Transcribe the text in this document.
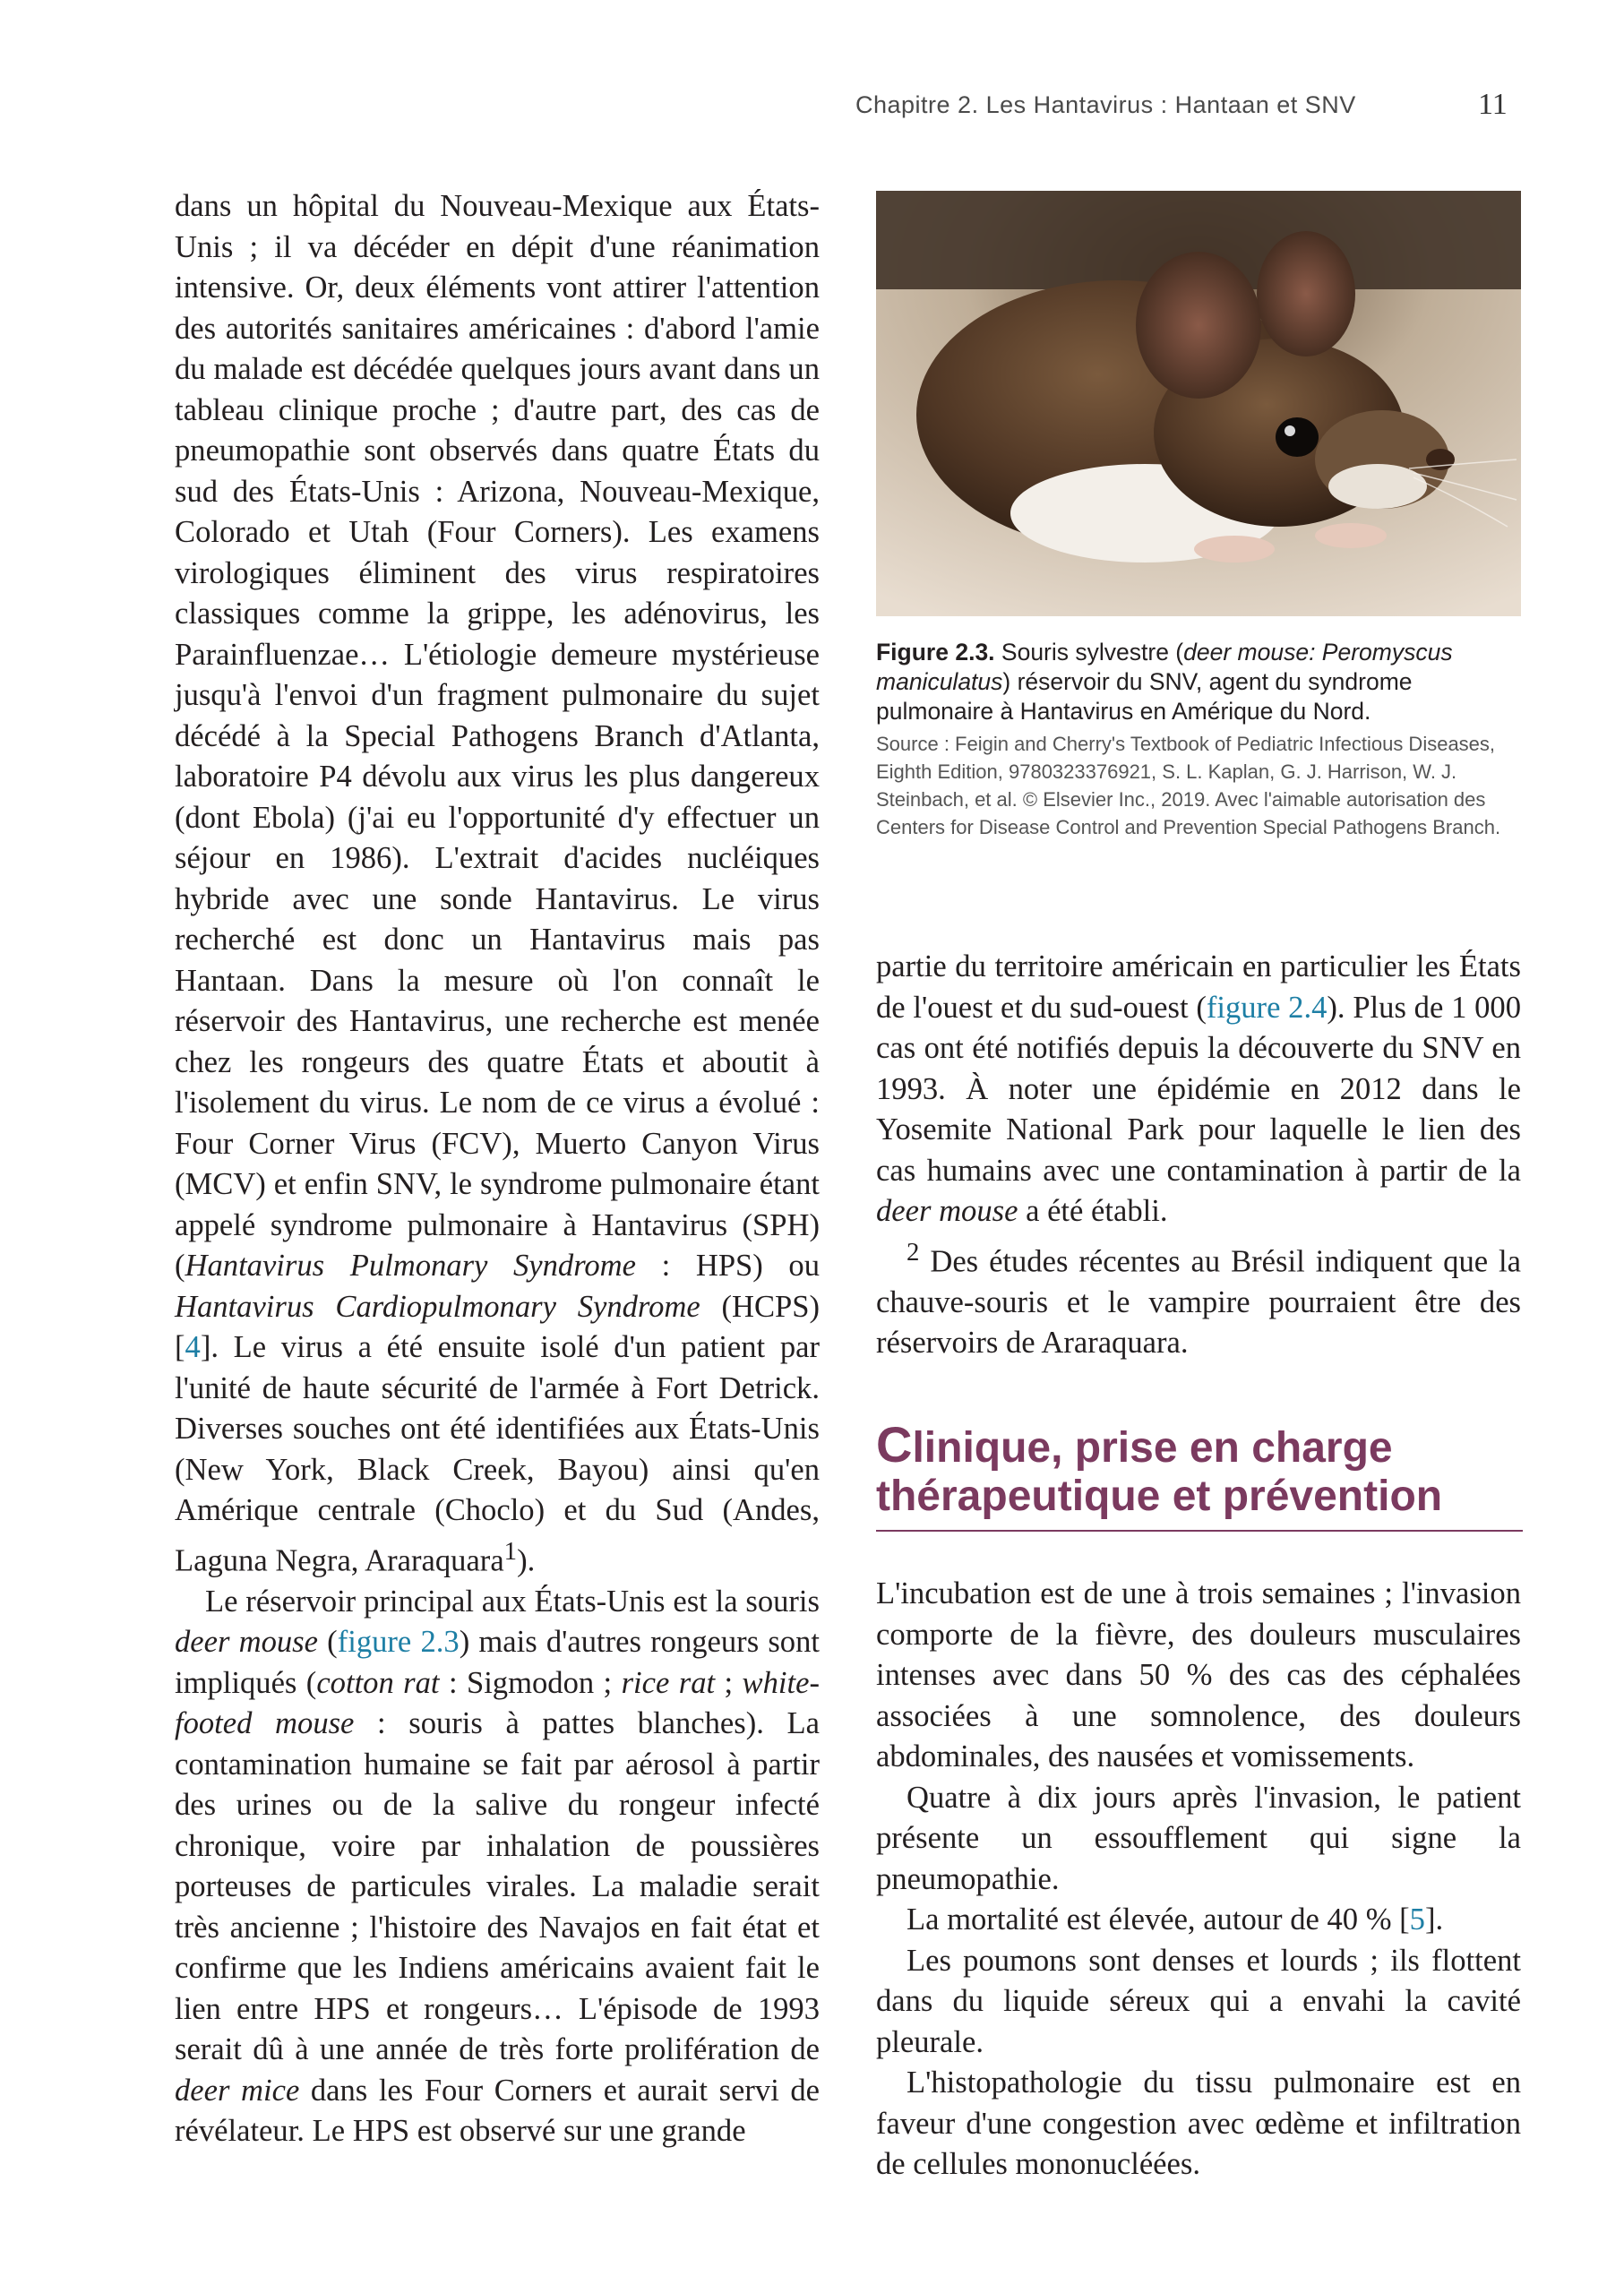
Chapitre 2. Les Hantavirus : Hantaan et SNV	11

dans un hôpital du Nouveau-Mexique aux États-Unis ; il va décéder en dépit d'une réanimation intensive. Or, deux éléments vont attirer l'attention des autorités sanitaires américaines : d'abord l'amie du malade est décédée quelques jours avant dans un tableau clinique proche ; d'autre part, des cas de pneumopathie sont observés dans quatre États du sud des États-Unis : Arizona, Nouveau-Mexique, Colorado et Utah (Four Corners). Les examens virologiques éliminent des virus respiratoires classiques comme la grippe, les adénovirus, les Parainfluenzae… L'étiologie demeure mystérieuse jusqu'à l'envoi d'un fragment pulmonaire du sujet décédé à la Special Pathogens Branch d'Atlanta, laboratoire P4 dévolu aux virus les plus dangereux (dont Ebola) (j'ai eu l'opportunité d'y effectuer un séjour en 1986). L'extrait d'acides nucléiques hybride avec une sonde Hantavirus. Le virus recherché est donc un Hantavirus mais pas Hantaan. Dans la mesure où l'on connaît le réservoir des Hantavirus, une recherche est menée chez les rongeurs des quatre États et aboutit à l'isolement du virus. Le nom de ce virus a évolué : Four Corner Virus (FCV), Muerto Canyon Virus (MCV) et enfin SNV, le syndrome pulmonaire étant appelé syndrome pulmonaire à Hantavirus (SPH) (Hantavirus Pulmonary Syndrome : HPS) ou Hantavirus Cardiopulmonary Syndrome (HCPS) [4]. Le virus a été ensuite isolé d'un patient par l'unité de haute sécurité de l'armée à Fort Detrick. Diverses souches ont été identifiées aux États-Unis (New York, Black Creek, Bayou) ainsi qu'en Amérique centrale (Choclo) et du Sud (Andes, Laguna Negra, Araraquara$^1$).

Le réservoir principal aux États-Unis est la souris deer mouse (figure 2.3) mais d'autres rongeurs sont impliqués (cotton rat : Sigmodon ; rice rat ; white-footed mouse : souris à pattes blanches). La contamination humaine se fait par aérosol à partir des urines ou de la salive du rongeur infecté chronique, voire par inhalation de poussières porteuses de particules virales. La maladie serait très ancienne ; l'histoire des Navajos en fait état et confirme que les Indiens américains avaient fait le lien entre HPS et rongeurs… L'épisode de 1993 serait dû à une année de très forte prolifération de deer mice dans les Four Corners et aurait servi de révélateur. Le HPS est observé sur une grande

Figure 2.3. Souris sylvestre (deer mouse: Peromyscus maniculatus) réservoir du SNV, agent du syndrome pulmonaire à Hantavirus en Amérique du Nord.

Source : Feigin and Cherry's Textbook of Pediatric Infectious Diseases, Eighth Edition, 9780323376921, S. L. Kaplan, G. J. Harrison, W. J. Steinbach, et al. © Elsevier Inc., 2019. Avec l'aimable autorisation des Centers for Disease Control and Prevention Special Pathogens Branch.

partie du territoire américain en particulier les États de l'ouest et du sud-ouest (figure 2.4). Plus de 1 000 cas ont été notifiés depuis la découverte du SNV en 1993. À noter une épidémie en 2012 dans le Yosemite National Park pour laquelle le lien des cas humains avec une contamination à partir de la deer mouse a été établi.

$^2$ Des études récentes au Brésil indiquent que la chauve-souris et le vampire pourraient être des réservoirs de Araraquara.

Clinique, prise en charge thérapeutique et prévention

L'incubation est de une à trois semaines ; l'invasion comporte de la fièvre, des douleurs musculaires intenses avec dans 50 % des cas des céphalées associées à une somnolence, des douleurs abdominales, des nausées et vomissements.

Quatre à dix jours après l'invasion, le patient présente un essoufflement qui signe la pneumopathie.

La mortalité est élevée, autour de 40 % [5].

Les poumons sont denses et lourds ; ils flottent dans du liquide séreux qui a envahi la cavité pleurale.

L'histopathologie du tissu pulmonaire est en faveur d'une congestion avec œdème et infiltration de cellules mononucléées.
